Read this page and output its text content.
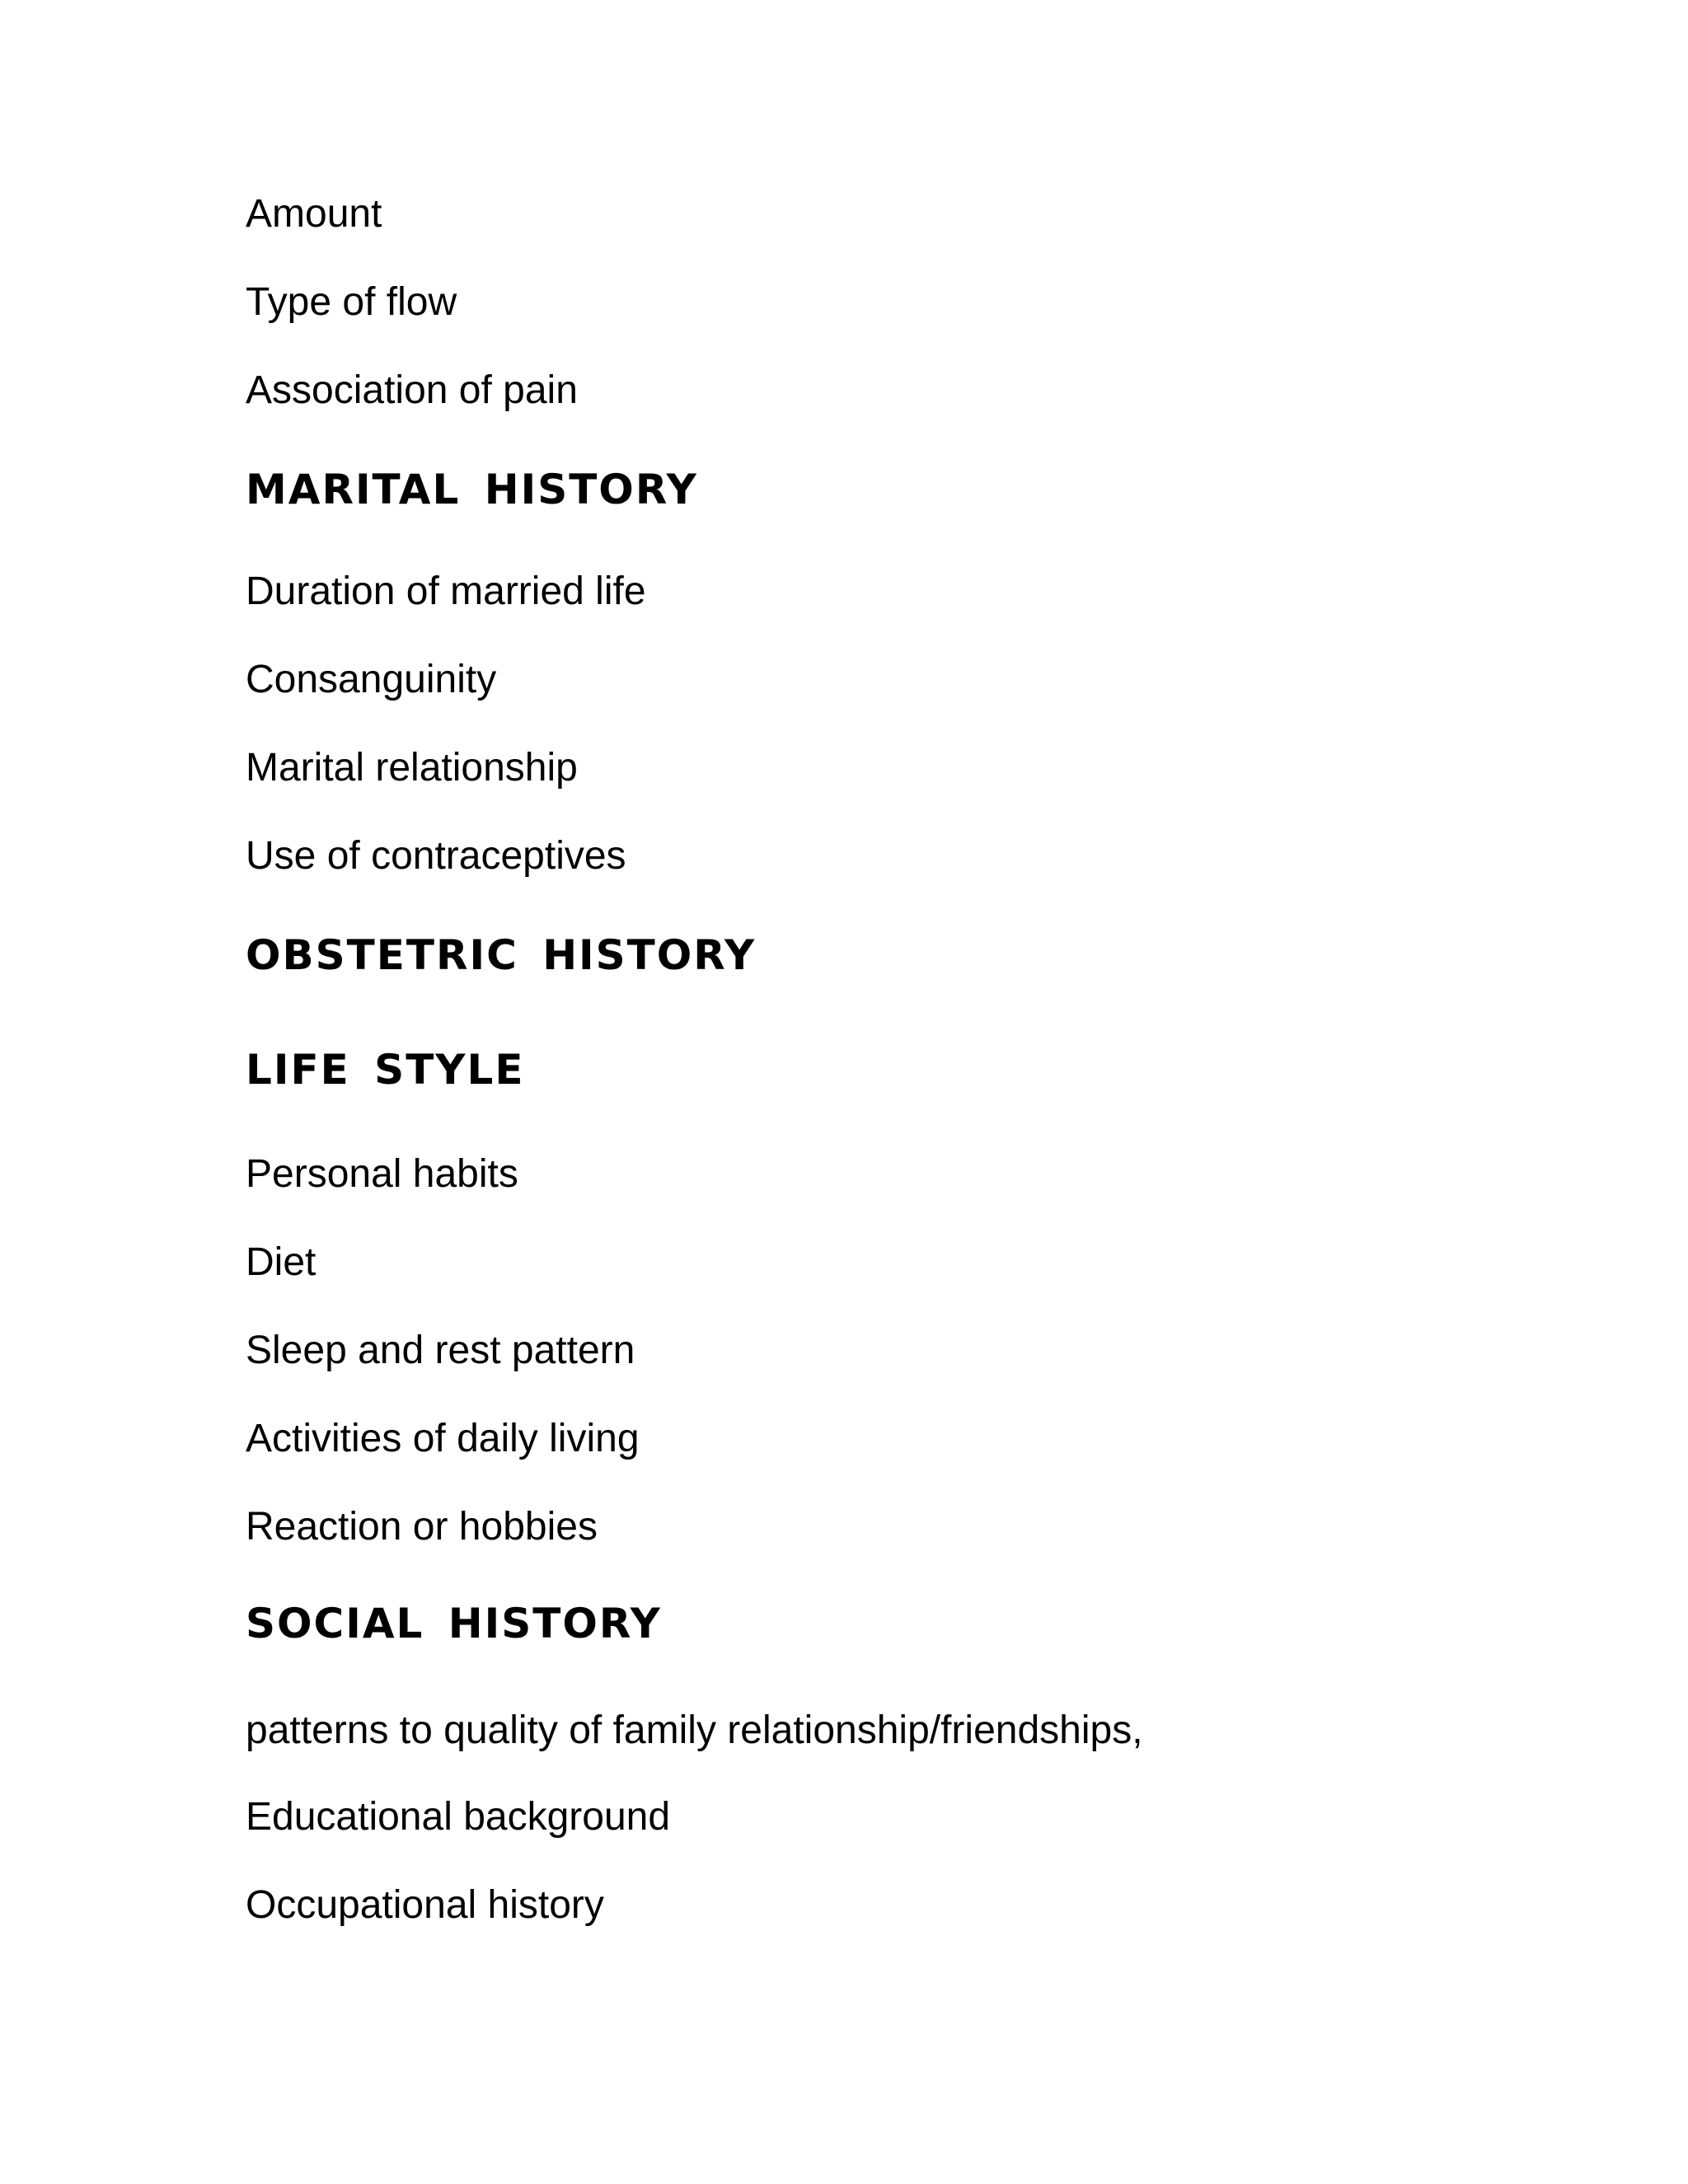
Amount

Type of flow

Association of pain

MARITAL HISTORY

Duration of married life

Consanguinity

Marital relationship

Use of contraceptives

OBSTETRIC HISTORY
LIFE STYLE

Personal habits

Diet

Sleep and rest pattern

Activities of daily living

Reaction or hobbies

SOCIAL HISTORY

patterns to quality of family relationship/friendships,

Educational background

Occupational history
